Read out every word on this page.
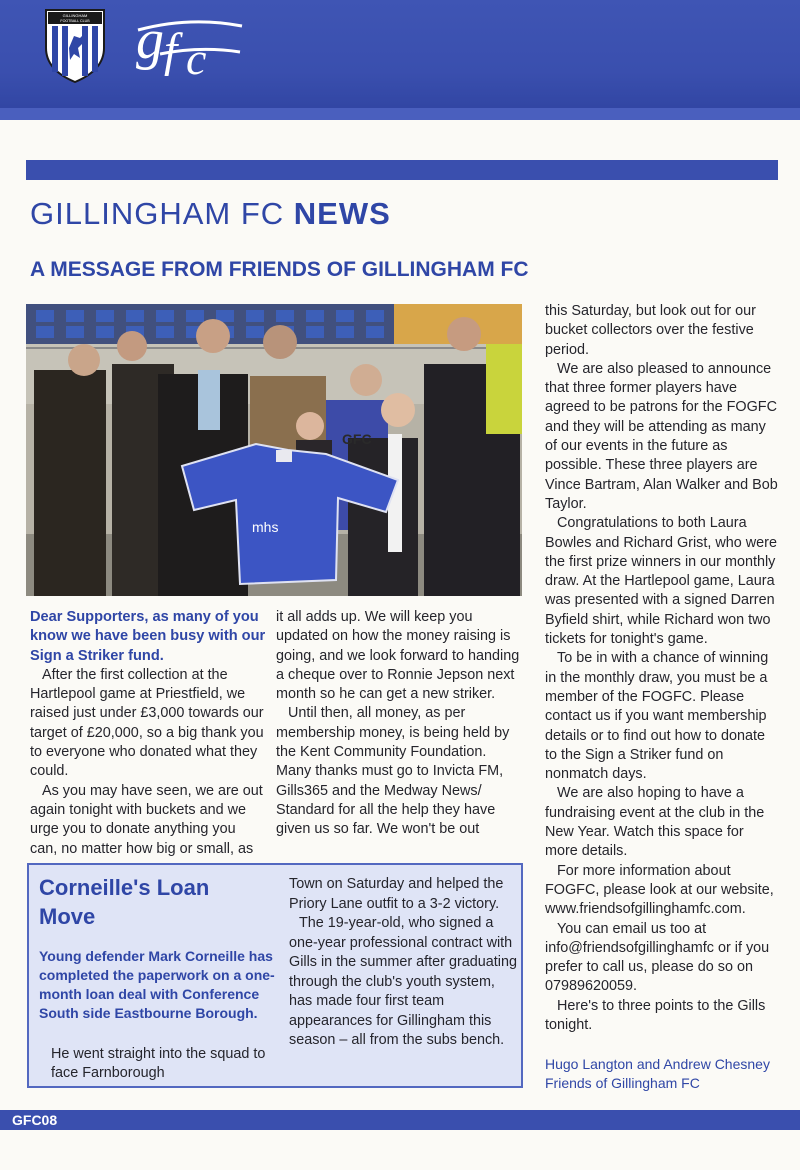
GILLINGHAM
FOOTBALL CLUB g f c
GILLINGHAM FC NEWS
A MESSAGE FROM FRIENDS OF GILLINGHAM FC
mhs
GFC

Dear Supporters, as many of you know we have been busy with our Sign a Striker fund.

After the first collection at the Hartlepool game at Priestfield, we raised just under £3,000 towards our target of £20,000, so a big thank you to everyone who donated what they could.

As you may have seen, we are out again tonight with buckets and we urge you to donate anything you can, no matter how big or small, as

it all adds up. We will keep you updated on how the money raising is going, and we look forward to handing a cheque over to Ronnie Jepson next month so he can get a new striker.

Until then, all money, as per membership money, is being held by the Kent Community Foundation. Many thanks must go to Invicta FM, Gills365 and the Medway News/ Standard for all the help they have given us so far. We won't be out

this Saturday, but look out for our bucket collectors over the festive period.

We are also pleased to announce that three former players have agreed to be patrons for the FOGFC and they will be attending as many of our events in the future as possible. These three players are Vince Bartram, Alan Walker and Bob Taylor.

Congratulations to both Laura Bowles and Richard Grist, who were the first prize winners in our monthly draw. At the Hartlepool game, Laura was presented with a signed Darren Byfield shirt, while Richard won two tickets for tonight's game.

To be in with a chance of winning in the monthly draw, you must be a member of the FOGFC. Please contact us if you want membership details or to find out how to donate to the Sign a Striker fund on nonmatch days.

We are also hoping to have a fundraising event at the club in the New Year. Watch this space for more details.

For more information about FOGFC, please look at our website, www.friendsofgillinghamfc.com.

You can email us too at info@friendsofgillinghamfc or if you prefer to call us, please do so on 07989620059.

Here's to three points to the Gills tonight.

Corneille's Loan Move
Young defender Mark Corneille has completed the paperwork on a one-month loan deal with Conference South side Eastbourne Borough.
He went straight into the squad to face Farnborough

Town on Saturday and helped the Priory Lane outfit to a 3-2 victory.

The 19-year-old, who signed a one-year professional contract with Gills in the summer after graduating through the club's youth system, has made four first team appearances for Gillingham this season – all from the subs bench.

Hugo Langton and Andrew Chesney
Friends of Gillingham FC
GFC08
